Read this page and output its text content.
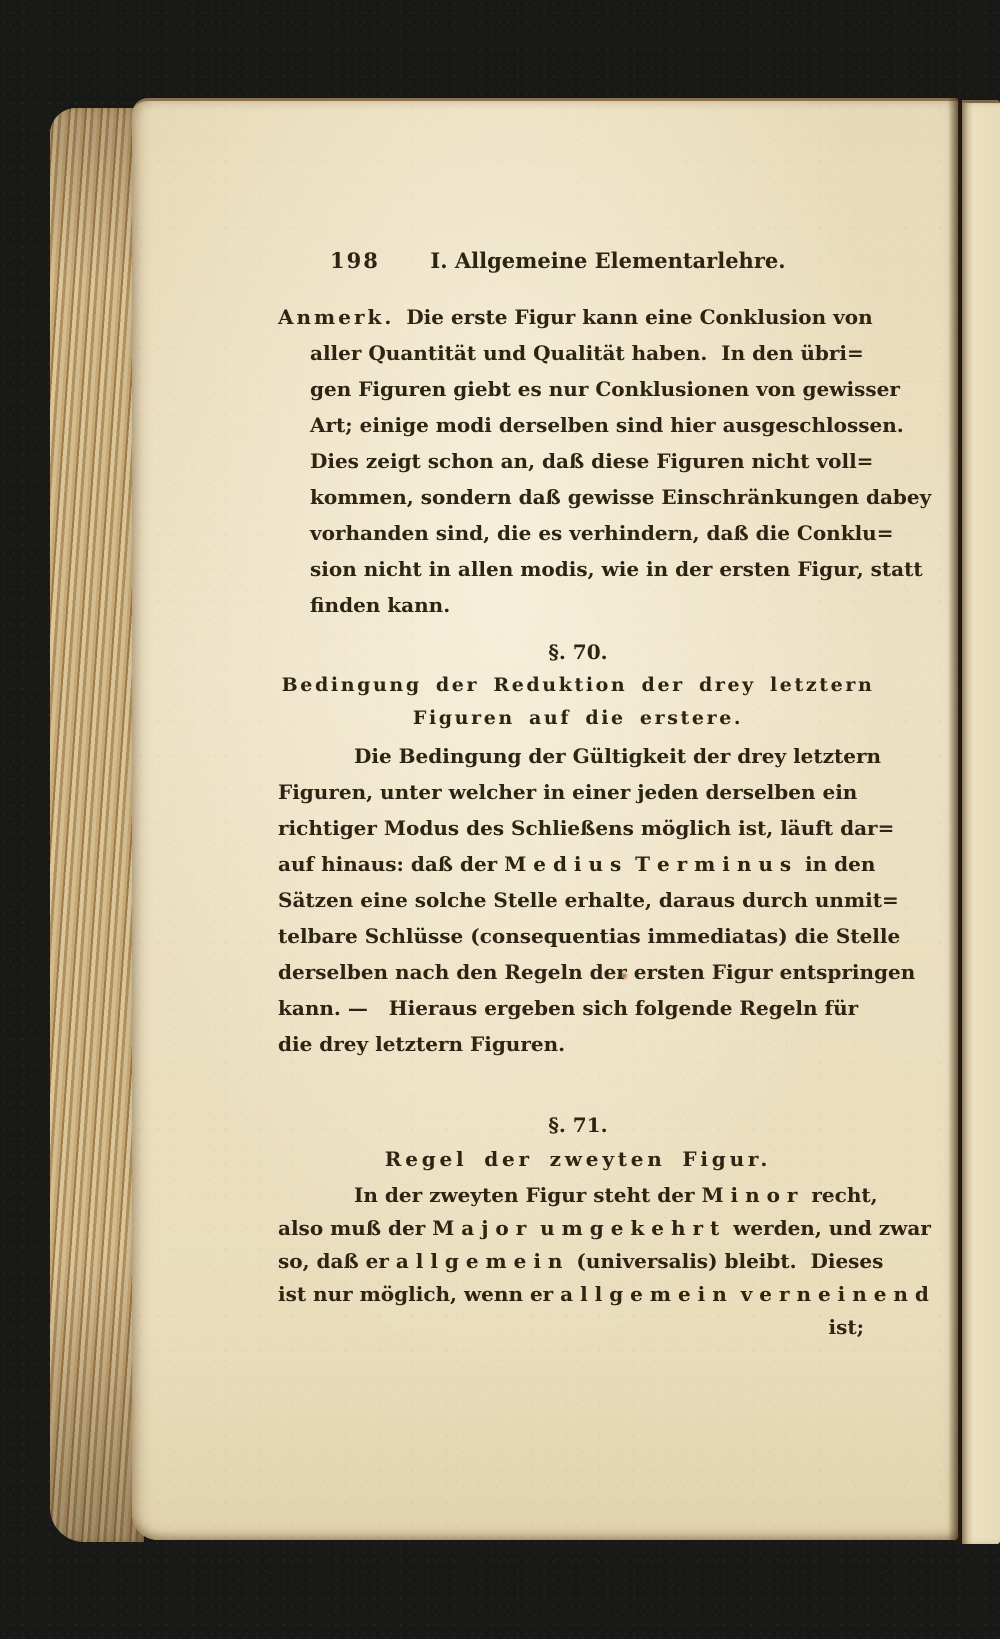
198	I. Allgemeine Elementarlehre.
Anmerk. Die erste Figur kann eine Conklusion von
aller Quantität und Qualität haben.  In den übri=
gen Figuren giebt es nur Conklusionen von gewisser
Art; einige modi derselben sind hier ausgeschlossen.
Dies zeigt schon an, daß diese Figuren nicht voll=
kommen, sondern daß gewisse Einschränkungen dabey
vorhanden sind, die es verhindern, daß die Conklu=
sion nicht in allen modis, wie in der ersten Figur, statt
finden kann.
§. 70.
Bedingung der Reduktion der drey letztern
Figuren auf die erstere.
Die Bedingung der Gültigkeit der drey letztern
Figuren, unter welcher in einer jeden derselben ein
richtiger Modus des Schließens möglich ist, läuft dar=
auf hinaus: daß der M e d i u s  T e r m i n u s  in den
Sätzen eine solche Stelle erhalte, daraus durch unmit=
telbare Schlüsse (consequentias immediatas) die Stelle
derselben nach den Regeln der ersten Figur entspringen
kann. —   Hieraus ergeben sich folgende Regeln für
die drey letztern Figuren.
§. 71.
Regel der zweyten Figur.
In der zweyten Figur steht der M i n o r  recht,
also muß der M a j o r  u m g e k e h r t  werden, und zwar
so, daß er a l l g e m e i n  (universalis) bleibt.  Dieses
ist nur möglich, wenn er a l l g e m e i n  v e r n e i n e n d
ist;
